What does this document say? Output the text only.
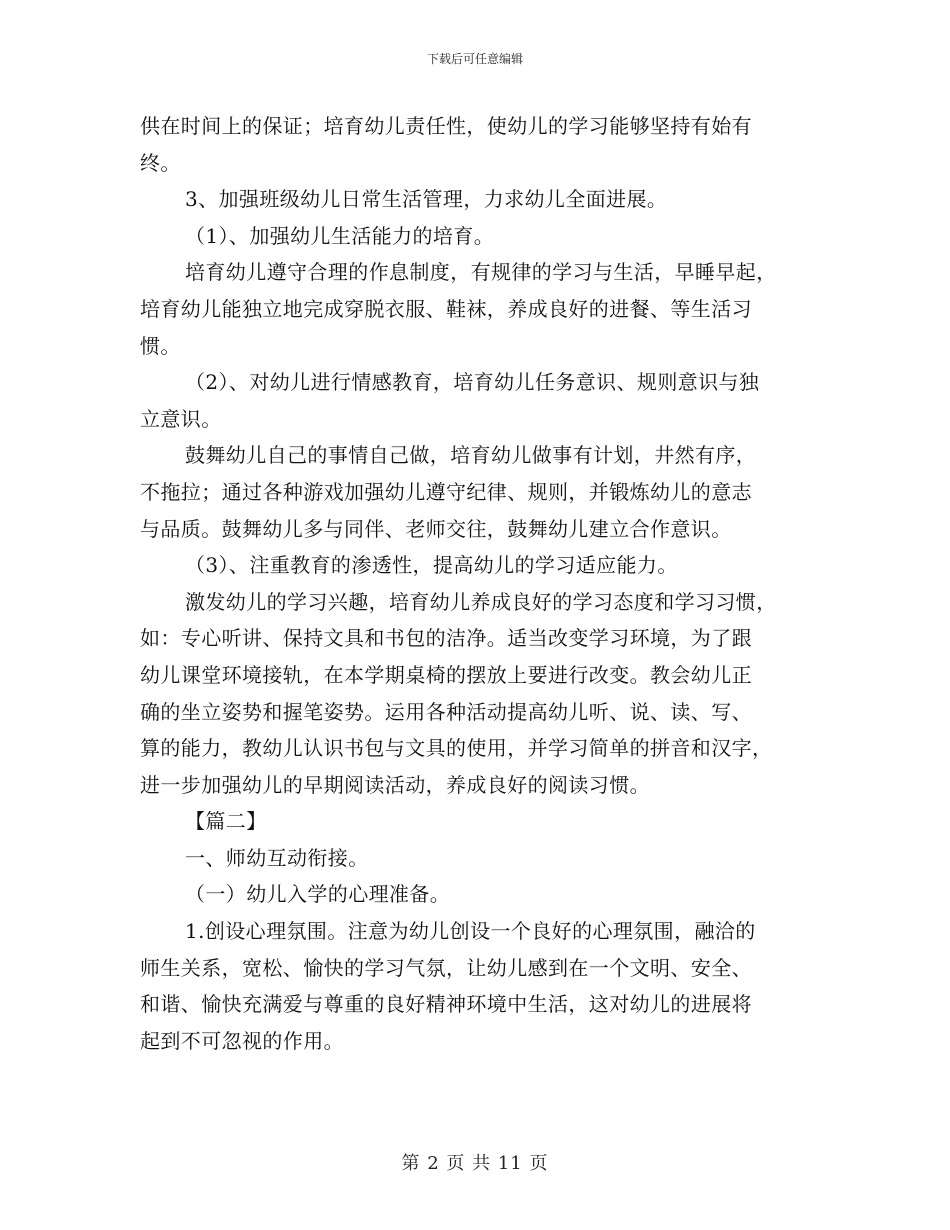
下载后可任意编辑
供在时间上的保证；培育幼儿责任性，使幼儿的学习能够坚持有始有
终。
3、加强班级幼儿日常生活管理，力求幼儿全面进展。
（1）、加强幼儿生活能力的培育。
培育幼儿遵守合理的作息制度，有规律的学习与生活，早睡早起，
培育幼儿能独立地完成穿脱衣服、鞋袜，养成良好的进餐、等生活习
惯。
（2）、对幼儿进行情感教育，培育幼儿任务意识、规则意识与独
立意识。
鼓舞幼儿自己的事情自己做，培育幼儿做事有计划，井然有序，
不拖拉；通过各种游戏加强幼儿遵守纪律、规则，并锻炼幼儿的意志
与品质。鼓舞幼儿多与同伴、老师交往，鼓舞幼儿建立合作意识。
（3）、注重教育的渗透性，提高幼儿的学习适应能力。
激发幼儿的学习兴趣，培育幼儿养成良好的学习态度和学习习惯，
如：专心听讲、保持文具和书包的洁净。适当改变学习环境，为了跟
幼儿课堂环境接轨，在本学期桌椅的摆放上要进行改变。教会幼儿正
确的坐立姿势和握笔姿势。运用各种活动提高幼儿听、说、读、写、
算的能力，教幼儿认识书包与文具的使用，并学习简单的拼音和汉字，
进一步加强幼儿的早期阅读活动，养成良好的阅读习惯。
【篇二】
一、师幼互动衔接。
（一）幼儿入学的心理准备。
1.创设心理氛围。注意为幼儿创设一个良好的心理氛围，融洽的
师生关系，宽松、愉快的学习气氛，让幼儿感到在一个文明、安全、
和谐、愉快充满爱与尊重的良好精神环境中生活，这对幼儿的进展将
起到不可忽视的作用。
第 2 页 共 11 页
